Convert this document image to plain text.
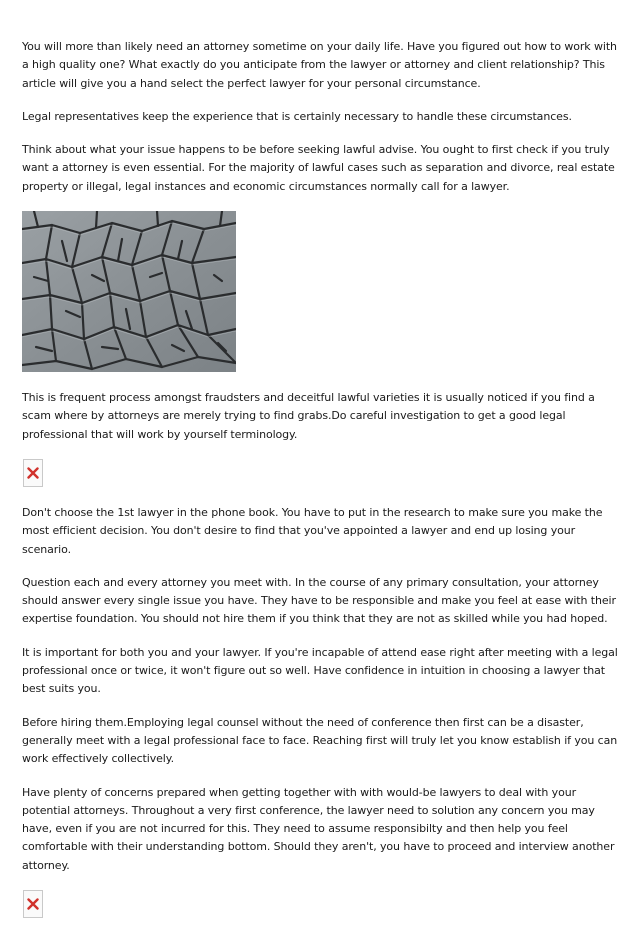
You will more than likely need an attorney sometime on your daily life. Have you figured out how to work with a high quality one? What exactly do you anticipate from the lawyer or attorney and client relationship? This article will give you a hand select the perfect lawyer for your personal circumstance.

Legal representatives keep the experience that is certainly necessary to handle these circumstances.

Think about what your issue happens to be before seeking lawful advise. You ought to first check if you truly want a attorney is even essential. For the majority of lawful cases such as separation and divorce, real estate property or illegal, legal instances and economic circumstances normally call for a lawyer.

This is frequent process amongst fraudsters and deceitful lawful varieties it is usually noticed if you find a scam where by attorneys are merely trying to find grabs.Do careful investigation to get a good legal professional that will work by yourself terminology.

Don't choose the 1st lawyer in the phone book. You have to put in the research to make sure you make the most efficient decision. You don't desire to find that you've appointed a lawyer and end up losing your scenario.

Question each and every attorney you meet with. In the course of any primary consultation, your attorney should answer every single issue you have. They have to be responsible and make you feel at ease with their expertise foundation. You should not hire them if you think that they are not as skilled while you had hoped.

It is important for both you and your lawyer. If you're incapable of attend ease right after meeting with a legal professional once or twice, it won't figure out so well. Have confidence in intuition in choosing a lawyer that best suits you.

Before hiring them.Employing legal counsel without the need of conference then first can be a disaster, generally meet with a legal professional face to face. Reaching first will truly let you know establish if you can work effectively collectively.

Have plenty of concerns prepared when getting together with with would-be lawyers to deal with your potential attorneys. Throughout a very first conference, the lawyer need to solution any concern you may have, even if you are not incurred for this. They need to assume responsibilty and then help you feel comfortable with their understanding bottom. Should they aren't, you have to proceed and interview another attorney.
